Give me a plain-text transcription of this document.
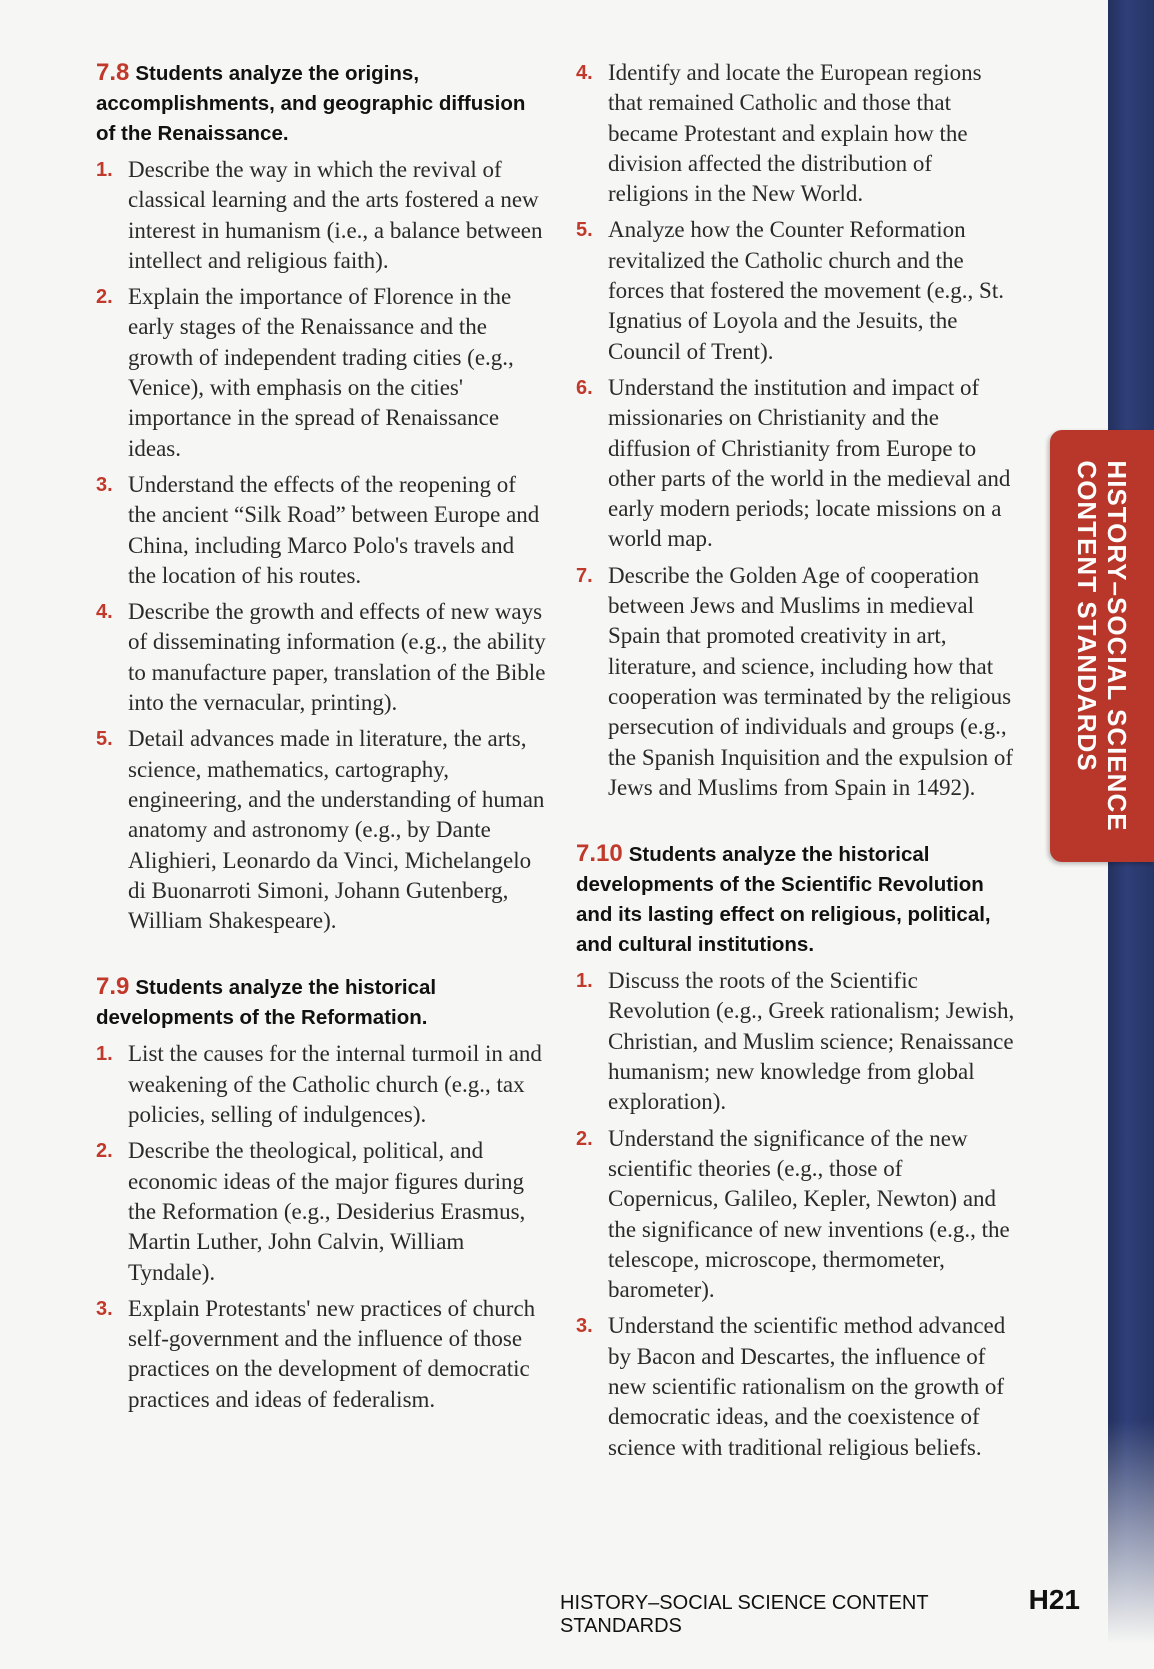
HISTORY–SOCIAL SCIENCE
CONTENT STANDARDS
7.8 Students analyze the origins, accomplishments, and geographic diffusion of the Renaissance.
1. Describe the way in which the revival of classical learning and the arts fostered a new interest in humanism (i.e., a balance between intellect and religious faith).
2. Explain the importance of Florence in the early stages of the Renaissance and the growth of independent trading cities (e.g., Venice), with emphasis on the cities' importance in the spread of Renaissance ideas.
3. Understand the effects of the reopening of the ancient “Silk Road” between Europe and China, including Marco Polo's travels and the location of his routes.
4. Describe the growth and effects of new ways of disseminating information (e.g., the ability to manufacture paper, translation of the Bible into the vernacular, printing).
5. Detail advances made in literature, the arts, science, mathematics, cartography, engineering, and the understanding of human anatomy and astronomy (e.g., by Dante Alighieri, Leonardo da Vinci, Michelangelo di Buonarroti Simoni, Johann Gutenberg, William Shakespeare).
7.9 Students analyze the historical developments of the Reformation.
1. List the causes for the internal turmoil in and weakening of the Catholic church (e.g., tax policies, selling of indulgences).
2. Describe the theological, political, and economic ideas of the major figures during the Reformation (e.g., Desiderius Erasmus, Martin Luther, John Calvin, William Tyndale).
3. Explain Protestants' new practices of church self-government and the influence of those practices on the development of democratic practices and ideas of federalism.
4. Identify and locate the European regions that remained Catholic and those that became Protestant and explain how the division affected the distribution of religions in the New World.
5. Analyze how the Counter Reformation revitalized the Catholic church and the forces that fostered the movement (e.g., St. Ignatius of Loyola and the Jesuits, the Council of Trent).
6. Understand the institution and impact of missionaries on Christianity and the diffusion of Christianity from Europe to other parts of the world in the medieval and early modern periods; locate missions on a world map.
7. Describe the Golden Age of cooperation between Jews and Muslims in medieval Spain that promoted creativity in art, literature, and science, including how that cooperation was terminated by the religious persecution of individuals and groups (e.g., the Spanish Inquisition and the expulsion of Jews and Muslims from Spain in 1492).
7.10 Students analyze the historical developments of the Scientific Revolution and its lasting effect on religious, political, and cultural institutions.
1. Discuss the roots of the Scientific Revolution (e.g., Greek rationalism; Jewish, Christian, and Muslim science; Renaissance humanism; new knowledge from global exploration).
2. Understand the significance of the new scientific theories (e.g., those of Copernicus, Galileo, Kepler, Newton) and the significance of new inventions (e.g., the telescope, microscope, thermometer, barometer).
3. Understand the scientific method advanced by Bacon and Descartes, the influence of new scientific rationalism on the growth of democratic ideas, and the coexistence of science with traditional religious beliefs.
HISTORY–SOCIAL SCIENCE CONTENT STANDARDS
H21
